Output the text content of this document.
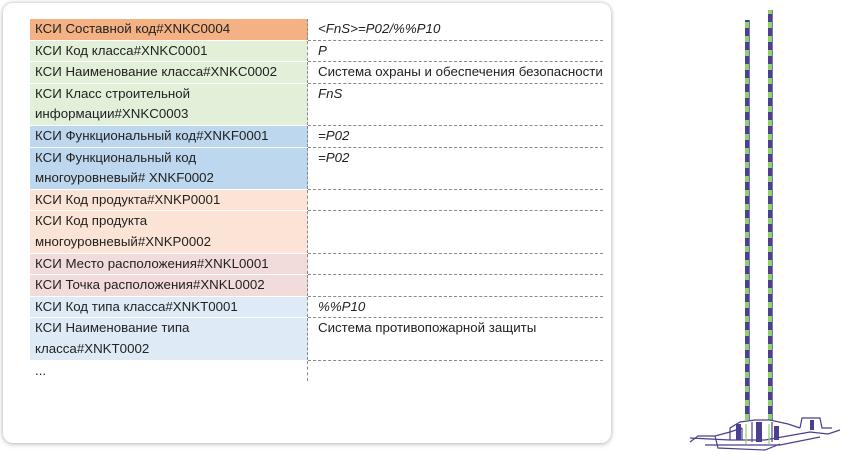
КСИ Составной код#XNKC0004	<FnS>=P02/%%P10
КСИ Код класса#XNKC0001	P
КСИ Наименование класса#XNKC0002	Система охраны и обеспечения безопасности
КСИ Класс строительной информации#XNKC0003	FnS
КСИ Функциональный код#XNKF0001	=P02
КСИ Функциональный код многоуровневый# XNKF0002	=P02
КСИ Код продукта#XNKP0001	
КСИ Код продукта многоуровневый#XNKP0002	
КСИ Место расположения#XNKL0001	
КСИ Точка расположения#XNKL0002	
КСИ Код типа класса#XNKT0001	%%P10
КСИ Наименование типа класса#XNKT0002	Система противопожарной защиты
...	
